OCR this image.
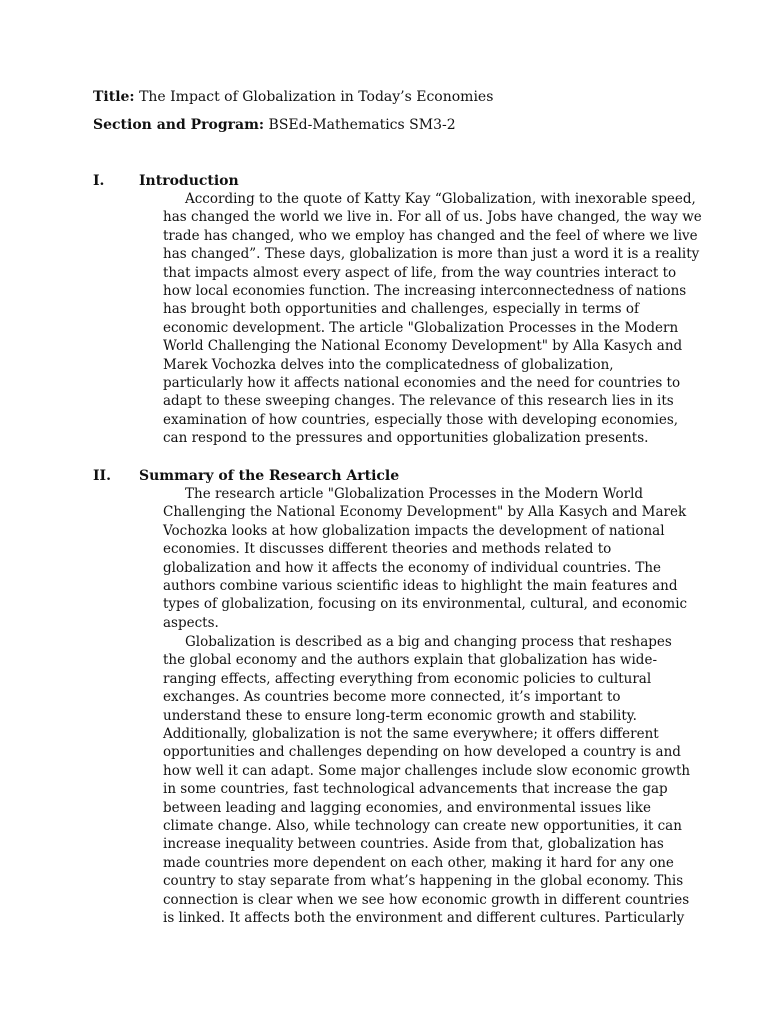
Title: The Impact of Globalization in Today’s Economies
Section and Program: BSEd-Mathematics SM3-2
I. Introduction
According to the quote of Katty Kay “Globalization, with inexorable speed,
has changed the world we live in. For all of us. Jobs have changed, the way we
trade has changed, who we employ has changed and the feel of where we live
has changed”. These days, globalization is more than just a word it is a reality
that impacts almost every aspect of life, from the way countries interact to
how local economies function. The increasing interconnectedness of nations
has brought both opportunities and challenges, especially in terms of
economic development. The article "Globalization Processes in the Modern
World Challenging the National Economy Development" by Alla Kasych and
Marek Vochozka delves into the complicatedness of globalization,
particularly how it affects national economies and the need for countries to
adapt to these sweeping changes. The relevance of this research lies in its
examination of how countries, especially those with developing economies,
can respond to the pressures and opportunities globalization presents.
II. Summary of the Research Article
The research article "Globalization Processes in the Modern World
Challenging the National Economy Development" by Alla Kasych and Marek
Vochozka looks at how globalization impacts the development of national
economies. It discusses different theories and methods related to
globalization and how it affects the economy of individual countries. The
authors combine various scientific ideas to highlight the main features and
types of globalization, focusing on its environmental, cultural, and economic
aspects.
Globalization is described as a big and changing process that reshapes
the global economy and the authors explain that globalization has wide-
ranging effects, affecting everything from economic policies to cultural
exchanges. As countries become more connected, it’s important to
understand these to ensure long-term economic growth and stability.
Additionally, globalization is not the same everywhere; it offers different
opportunities and challenges depending on how developed a country is and
how well it can adapt. Some major challenges include slow economic growth
in some countries, fast technological advancements that increase the gap
between leading and lagging economies, and environmental issues like
climate change. Also, while technology can create new opportunities, it can
increase inequality between countries. Aside from that, globalization has
made countries more dependent on each other, making it hard for any one
country to stay separate from what’s happening in the global economy. This
connection is clear when we see how economic growth in different countries
is linked. It affects both the environment and different cultures. Particularly
